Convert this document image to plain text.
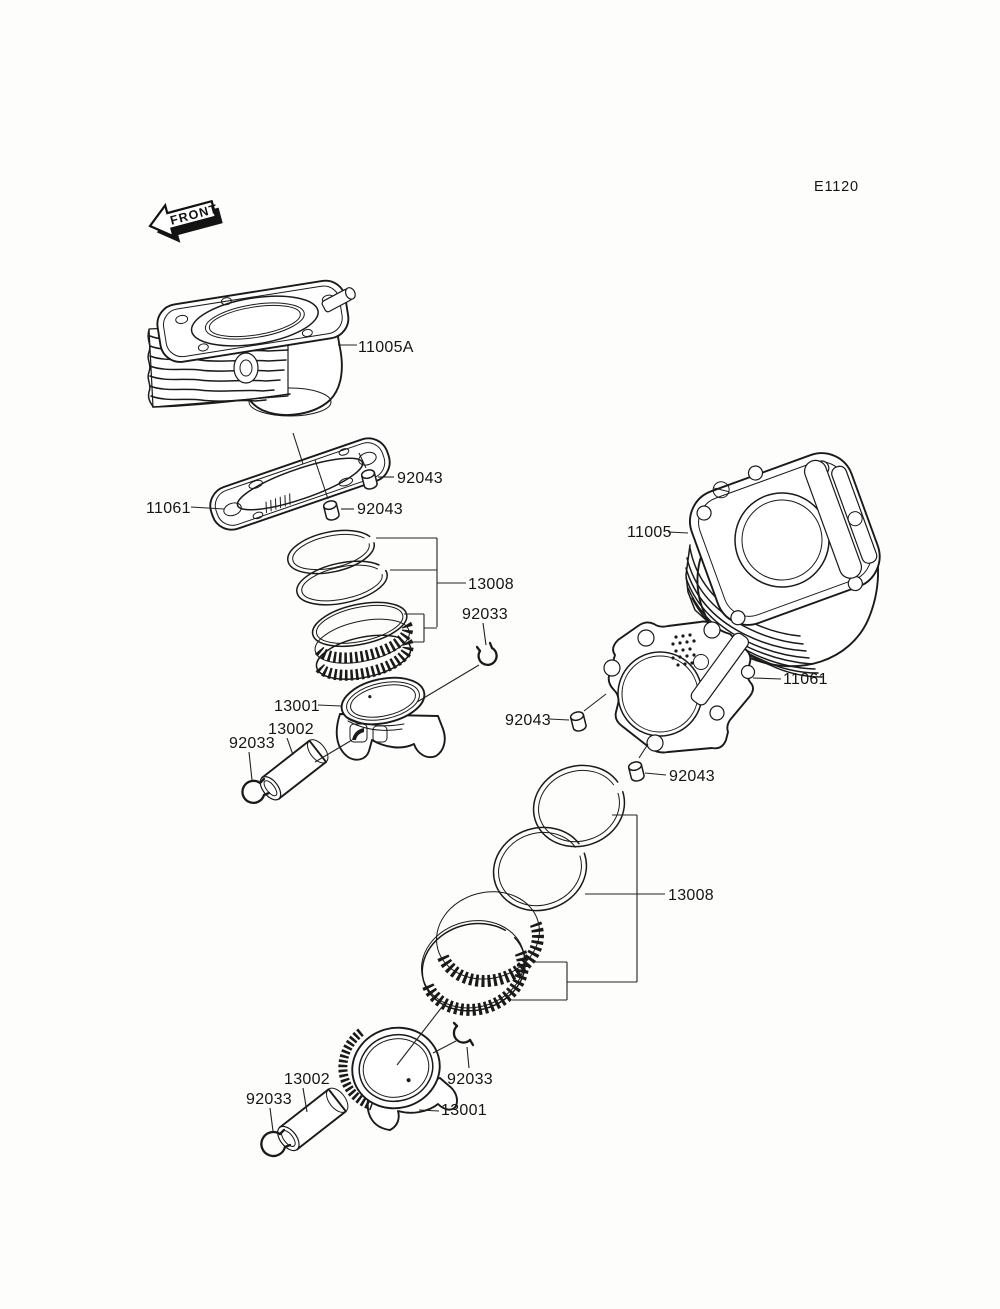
FRONT
E1120
11005A
11061
92043
92043
13008
92033
13001
13002
92033
11005
11061
92043
92043
13008
92033
13002
92033
13001
